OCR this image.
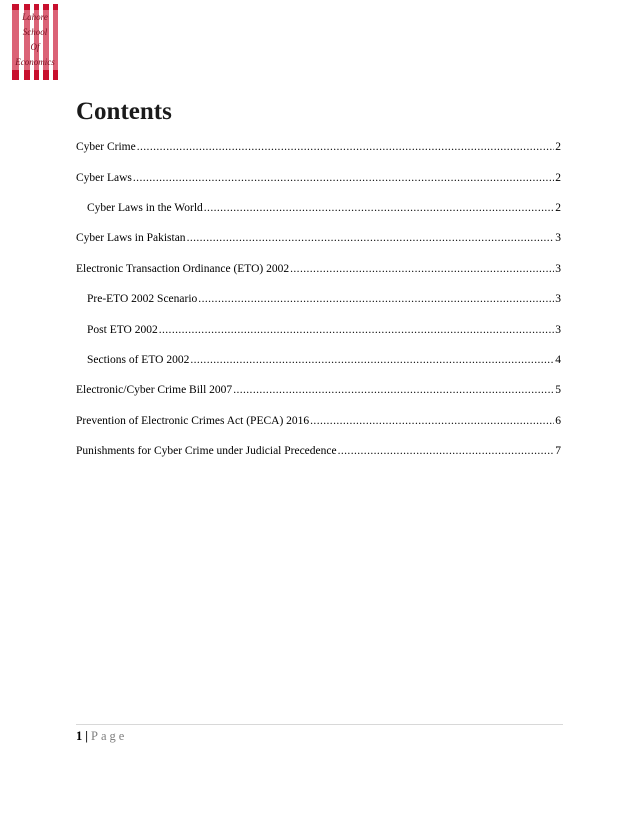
Lahore
School
Of
Economics
Contents
Cyber Crime .....	2
Cyber Laws .....	2
Cyber Laws in the World .....	2
Cyber Laws in Pakistan .....	3
Electronic Transaction Ordinance (ETO) 2002 .....	3
Pre-ETO 2002 Scenario .....	3
Post ETO 2002 .....	3
Sections of ETO 2002 .....	4
Electronic/Cyber Crime Bill 2007 .....	5
Prevention of Electronic Crimes Act (PECA) 2016 .....	6
Punishments for Cyber Crime under Judicial Precedence .....	7
1 | Page
